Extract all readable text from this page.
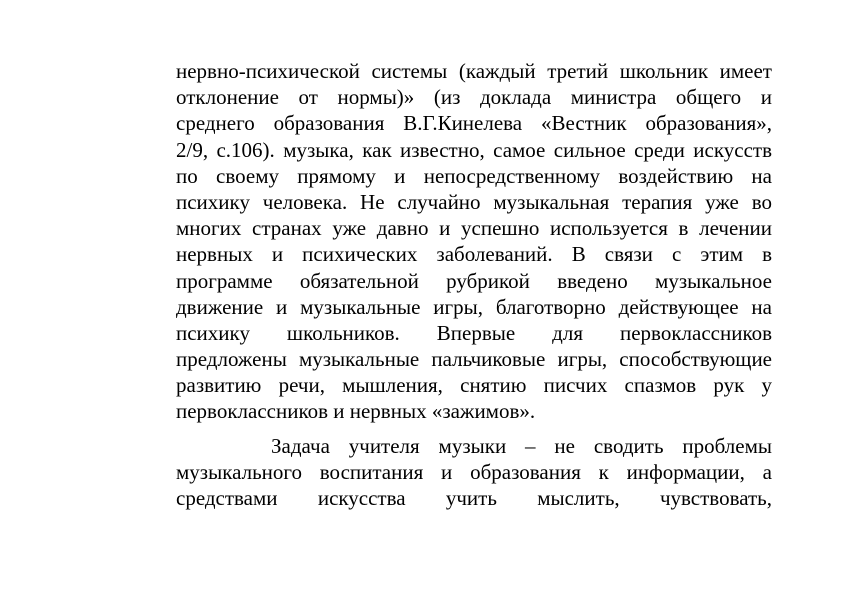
нервно-психической системы (каждый третий школьник имеет
отклонение от нормы)» (из доклада министра общего и
среднего образования В.Г.Кинелева «Вестник образования»,
2/9, с.106). музыка, как известно, самое сильное среди искусств
по своему прямому и непосредственному воздействию на
психику человека. Не случайно музыкальная терапия уже во
многих странах уже давно и успешно используется в лечении
нервных и психических заболеваний. В связи с этим в
программе обязательной рубрикой введено музыкальное
движение и музыкальные игры, благотворно действующее на
психику школьников. Впервые для первоклассников
предложены музыкальные пальчиковые игры, способствующие
развитию речи, мышления, снятию писчих спазмов рук у
первоклассников и нервных «зажимов».
Задача учителя музыки – не сводить проблемы
музыкального воспитания и образования к информации, а
средствами искусства учить мыслить, чувствовать,
